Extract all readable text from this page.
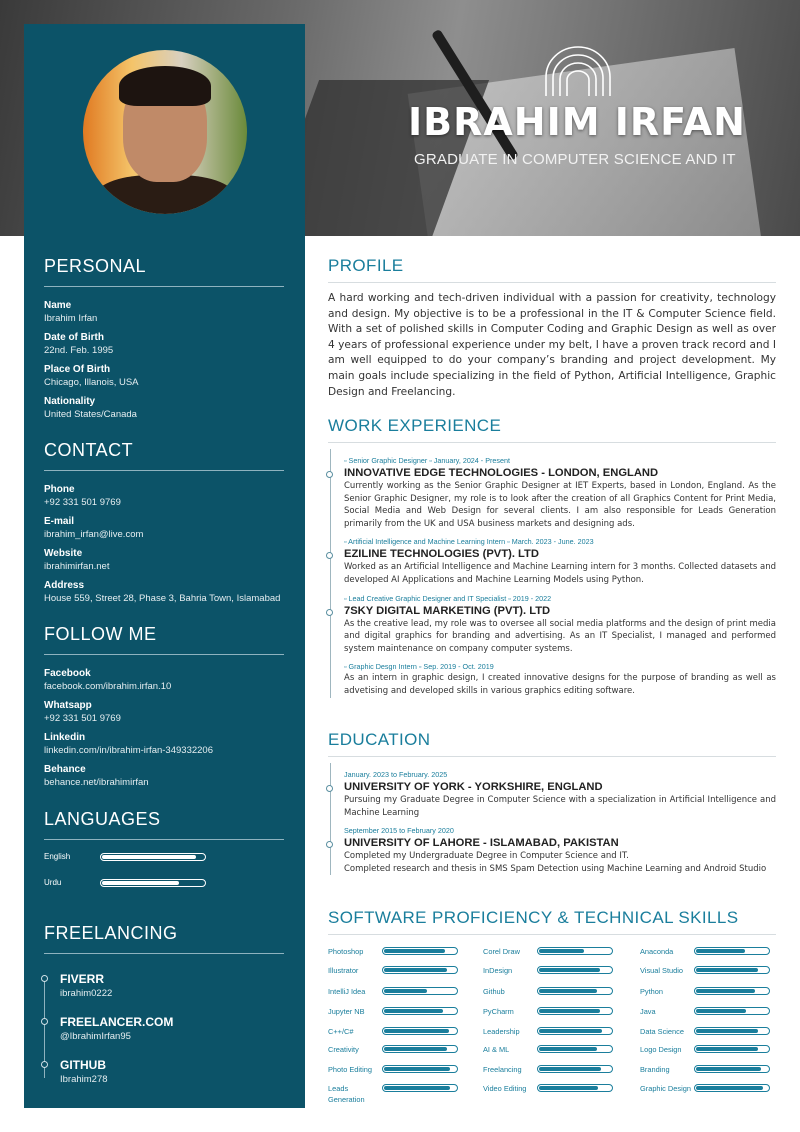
IBRAHIM IRFAN
GRADUATE IN COMPUTER SCIENCE AND IT
PERSONAL
Name
Ibrahim Irfan
Date of Birth
22nd. Feb. 1995
Place Of Birth
Chicago, Illanois, USA
Nationality
United States/Canada
CONTACT
Phone
+92 331 501 9769
E-mail
ibrahim_irfan@live.com
Website
ibrahimirfan.net
Address
House 559, Street 28, Phase 3, Bahria Town, Islamabad
FOLLOW ME
Facebook
facebook.com/ibrahim.irfan.10
Whatsapp
+92 331 501 9769
Linkedin
linkedin.com/in/ibrahim-irfan-349332206
Behance
behance.net/ibrahimirfan
LANGUAGES
English
Urdu
FREELANCING
FIVERR
ibrahim0222
FREELANCER.COM
@IbrahimIrfan95
GITHUB
Ibrahim278
PROFILE
A hard working and tech-driven individual with a passion for creativity, technology and design. My objective is to be a professional in the IT & Computer Science field. With a set of polished skills in Computer Coding and Graphic Design as well as over 4 years of professional experience under my belt, I have a proven track record and I am well equipped to do your company’s branding and project development. My main goals include specializing in the field of Python, Artificial Intelligence, Graphic Design and Freelancing.
WORK EXPERIENCE
▫ Senior Graphic Designer ▫ January, 2024 - Present
INNOVATIVE EDGE TECHNOLOGIES - LONDON, ENGLAND
Currently working as the Senior Graphic Designer at IET Experts, based in London, England. As the Senior Graphic Designer, my role is to look after the creation of all Graphics Content for Print Media, Social Media and Web Design for several clients. I am also responsible for Leads Generation primarily from the UK and USA business markets and designing ads.
▫ Artificial Intelligence and Machine Learning Intern ▫ March. 2023 - June. 2023
EZILINE TECHNOLOGIES (PVT). LTD
Worked as an Artificial Intelligence and Machine Learning intern for 3 months. Collected datasets and developed AI Applications and Machine Learning Models using Python.
▫ Lead Creative Graphic Designer and IT Specialist ▫ 2019 - 2022
7SKY DIGITAL MARKETING (PVT). LTD
As the creative lead, my role was to oversee all social media platforms and the design of print media and digital graphics for branding and advertising. As an IT Specialist, I managed and performed system maintenance on company computer systems.
▫ Graphic Desgn Intern ▫ Sep. 2019 - Oct. 2019
As an intern in graphic design, I created innovative designs for the purpose of branding as well as advetising and developed skills in various graphics editing software.
EDUCATION
January. 2023 to February. 2025
UNIVERSITY OF YORK - YORKSHIRE, ENGLAND
Pursuing my Graduate Degree in Computer Science with a specialization in Artificial Intelligence and Machine Learning
September 2015 to February 2020
UNIVERSITY OF LAHORE - ISLAMABAD, PAKISTAN
Completed my Undergraduate Degree in Computer Science and IT.
Completed research and thesis in SMS Spam Detection using Machine Learning and Android Studio
SOFTWARE PROFICIENCY & TECHNICAL SKILLS
Photoshop
Illustrator
IntelliJ Idea
Jupyter NB
C++/C#
Creativity
Photo Editing
Leads Generation
Corel Draw
InDesign
Github
PyCharm
Leadership
AI & ML
Freelancing
Video Editing
Anaconda
Visual Studio
Python
Java
Data Science
Logo Design
Branding
Graphic Design
